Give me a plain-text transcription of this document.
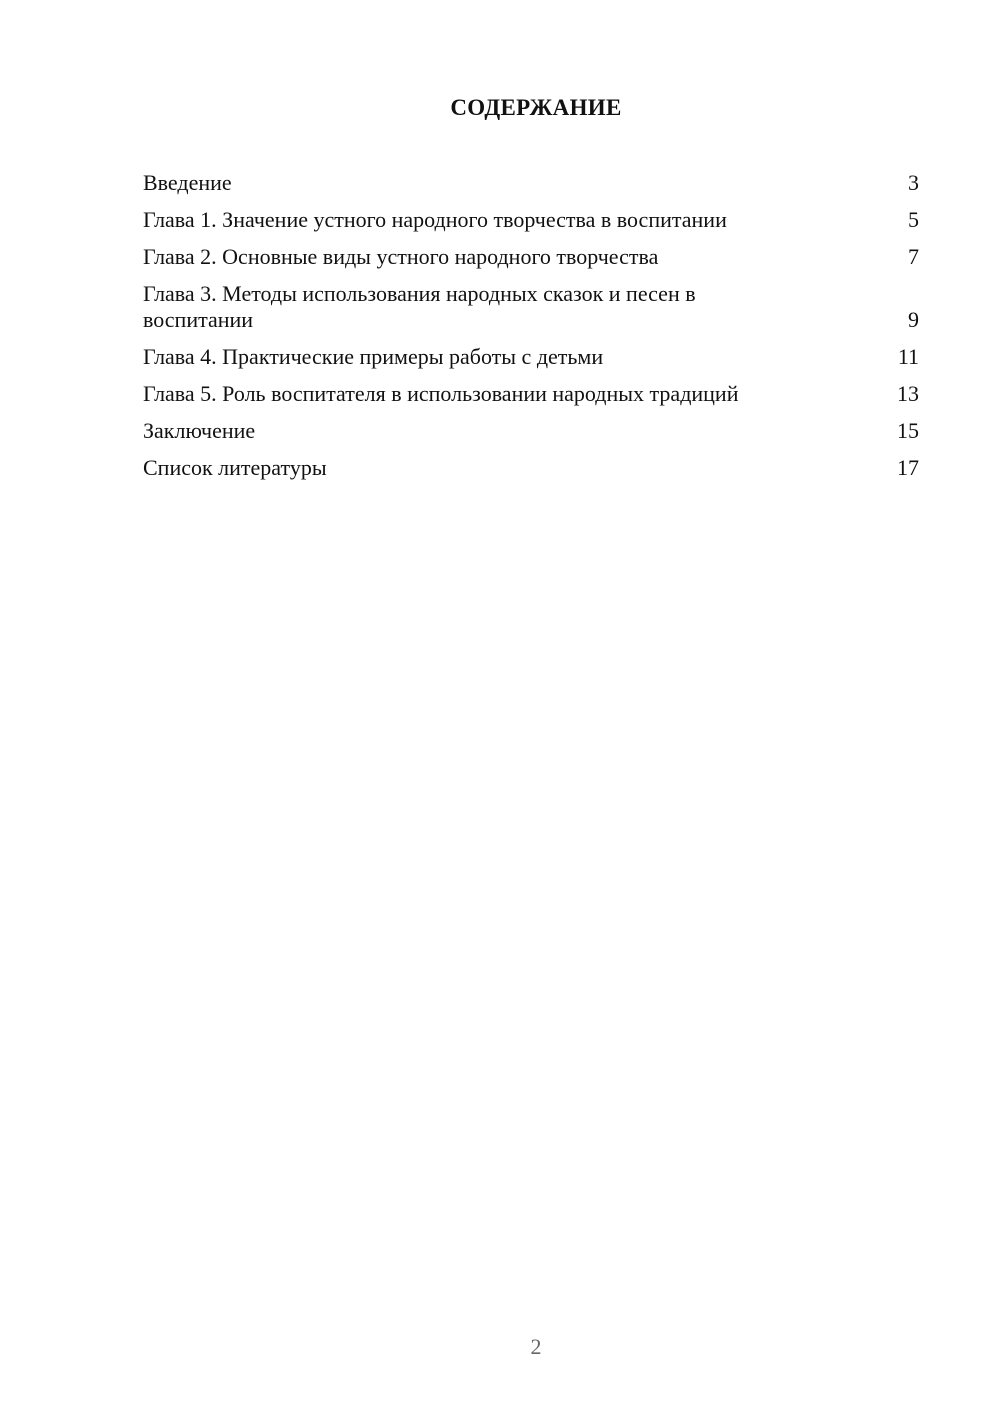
СОДЕРЖАНИЕ
Введение	3
Глава 1. Значение устного народного творчества в воспитании	5
Глава 2. Основные виды устного народного творчества	7
Глава 3. Методы использования народных сказок и песен в воспитании	9
Глава 4. Практические примеры работы с детьми	11
Глава 5. Роль воспитателя в использовании народных традиций	13
Заключение	15
Список литературы	17
2
